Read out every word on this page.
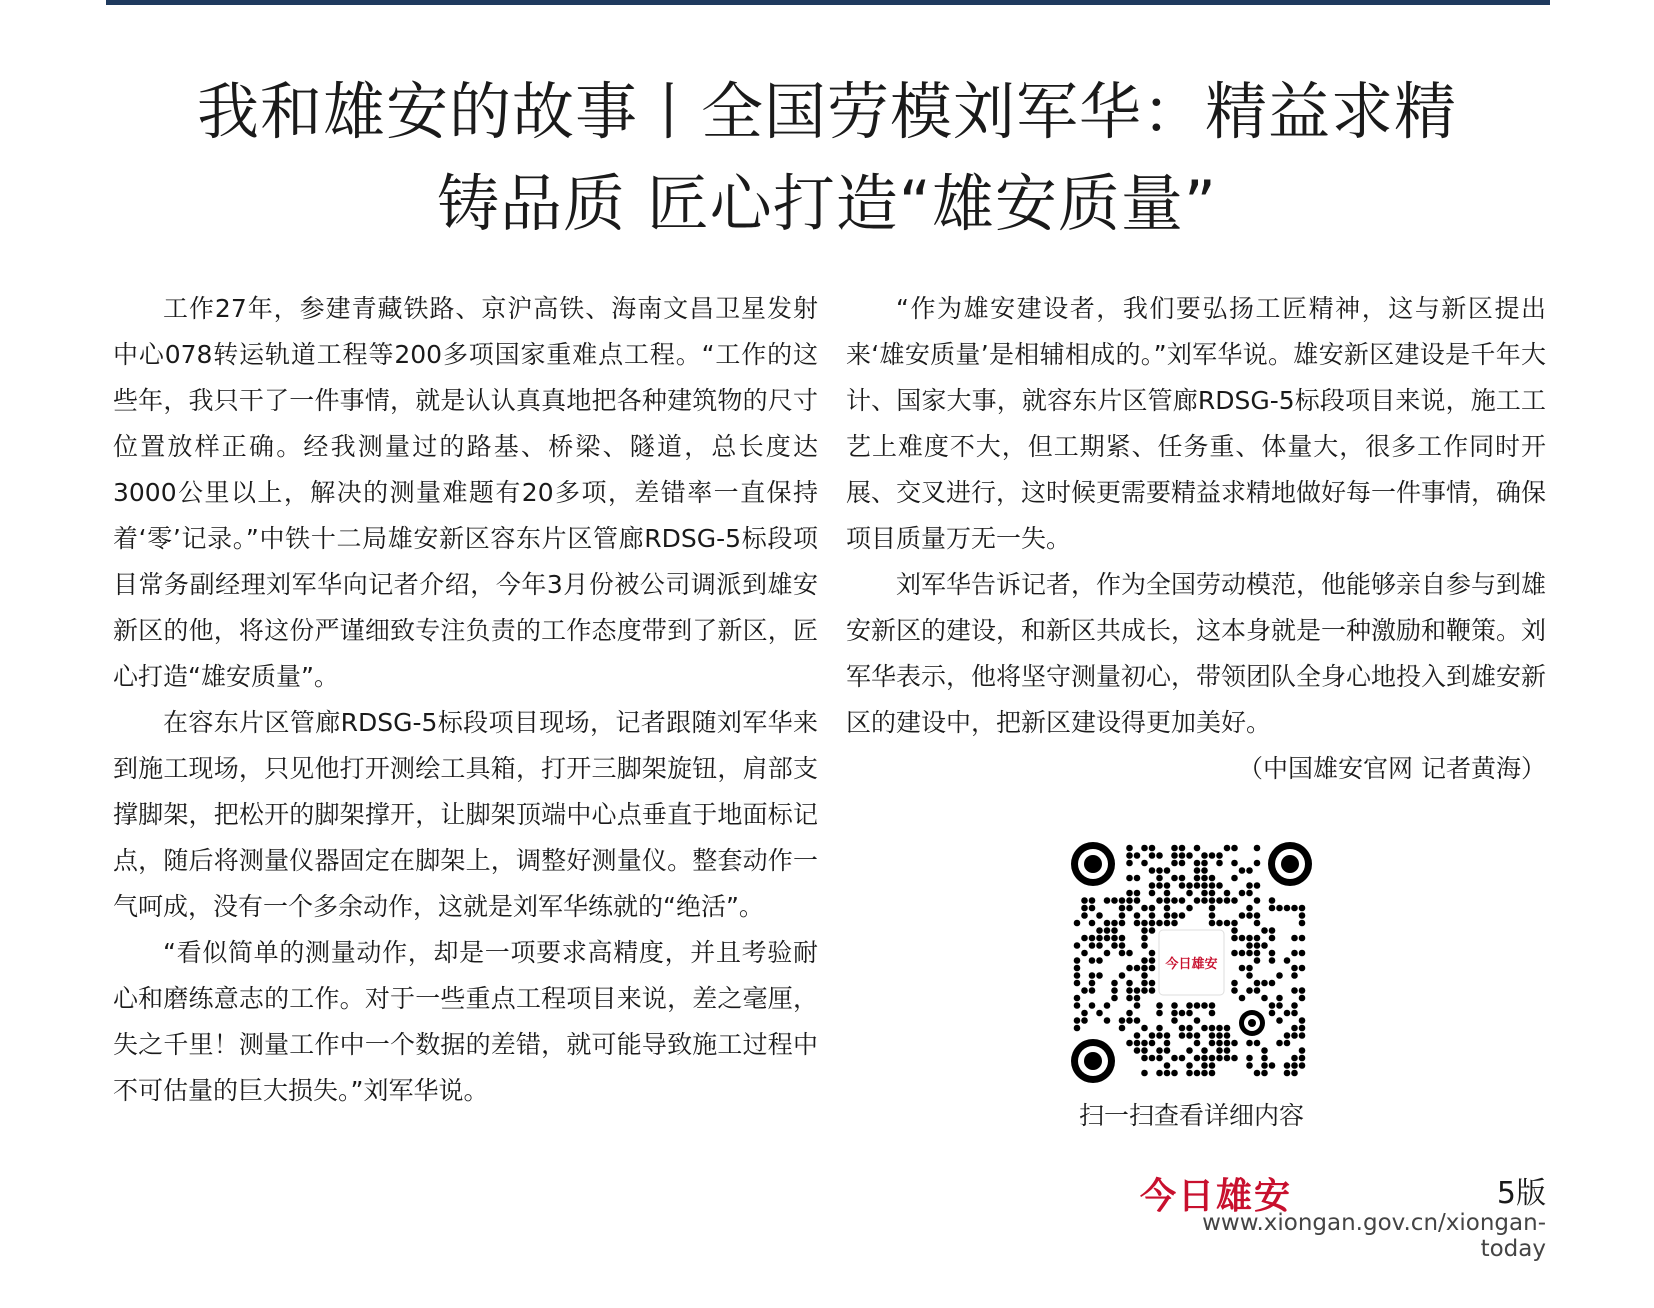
我和雄安的故事丨全国劳模刘军华：精益求精
铸品质 匠心打造“雄安质量”

工作27年，参建青藏铁路、京沪高铁、海南文昌卫星发射中心078转运轨道工程等200多项国家重难点工程。“工作的这些年，我只干了一件事情，就是认认真真地把各种建筑物的尺寸位置放样正确。经我测量过的路基、桥梁、隧道，总长度达3000公里以上，解决的测量难题有20多项，差错率一直保持着‘零’记录。”中铁十二局雄安新区容东片区管廊RDSG-5标段项目常务副经理刘军华向记者介绍，今年3月份被公司调派到雄安新区的他，将这份严谨细致专注负责的工作态度带到了新区，匠心打造“雄安质量”。

在容东片区管廊RDSG-5标段项目现场，记者跟随刘军华来到施工现场，只见他打开测绘工具箱，打开三脚架旋钮，肩部支撑脚架，把松开的脚架撑开，让脚架顶端中心点垂直于地面标记点，随后将测量仪器固定在脚架上，调整好测量仪。整套动作一气呵成，没有一个多余动作，这就是刘军华练就的“绝活”。

“看似简单的测量动作，却是一项要求高精度，并且考验耐心和磨练意志的工作。对于一些重点工程项目来说，差之毫厘，失之千里！测量工作中一个数据的差错，就可能导致施工过程中不可估量的巨大损失。”刘军华说。

“作为雄安建设者，我们要弘扬工匠精神，这与新区提出来‘雄安质量’是相辅相成的。”刘军华说。雄安新区建设是千年大计、国家大事，就容东片区管廊RDSG-5标段项目来说，施工工艺上难度不大，但工期紧、任务重、体量大，很多工作同时开展、交叉进行，这时候更需要精益求精地做好每一件事情，确保项目质量万无一失。

刘军华告诉记者，作为全国劳动模范，他能够亲自参与到雄安新区的建设，和新区共成长，这本身就是一种激励和鞭策。刘军华表示，他将坚守测量初心，带领团队全身心地投入到雄安新区的建设中，把新区建设得更加美好。
（中国雄安官网 记者黄海）

今日雄安
扫一扫查看详细内容
今日雄安	5版
www.xiongan.gov.cn/xiongan-today
